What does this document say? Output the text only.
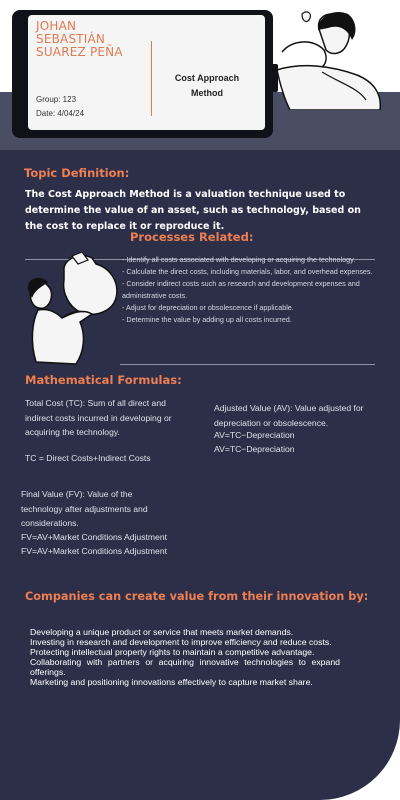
JOHAN SEBASTIÁN SUAREZ PEÑA
Group: 123
Date: 4/04/24
Cost Approach Method
Topic Definition:
The Cost Approach Method is a valuation technique used to determine the value of an asset, such as technology, based on the cost to replace it or reproduce it.
Processes Related:
- Identify all costs associated with developing or acquiring the technology.
- Calculate the direct costs, including materials, labor, and overhead expenses.
- Consider indirect costs such as research and development expenses and administrative costs.
- Adjust for depreciation or obsolescence if applicable.
- Determine the value by adding up all costs incurred.
Mathematical Formulas:
Total Cost (TC): Sum of all direct and indirect costs incurred in developing or acquiring the technology.
TC = Direct Costs+Indirect Costs
Adjusted Value (AV): Value adjusted for depreciation or obsolescence.
AV=TC−Depreciation
AV=TC−Depreciation
Final Value (FV): Value of the technology after adjustments and considerations.
FV=AV+Market Conditions Adjustment
FV=AV+Market Conditions Adjustment
Companies can create value from their innovation by:

Developing a unique product or service that meets market demands.

Investing in research and development to improve efficiency and reduce costs.

Protecting intellectual property rights to maintain a competitive advantage.

Collaborating with partners or acquiring innovative technologies to expand offerings.

Marketing and positioning innovations effectively to capture market share.
